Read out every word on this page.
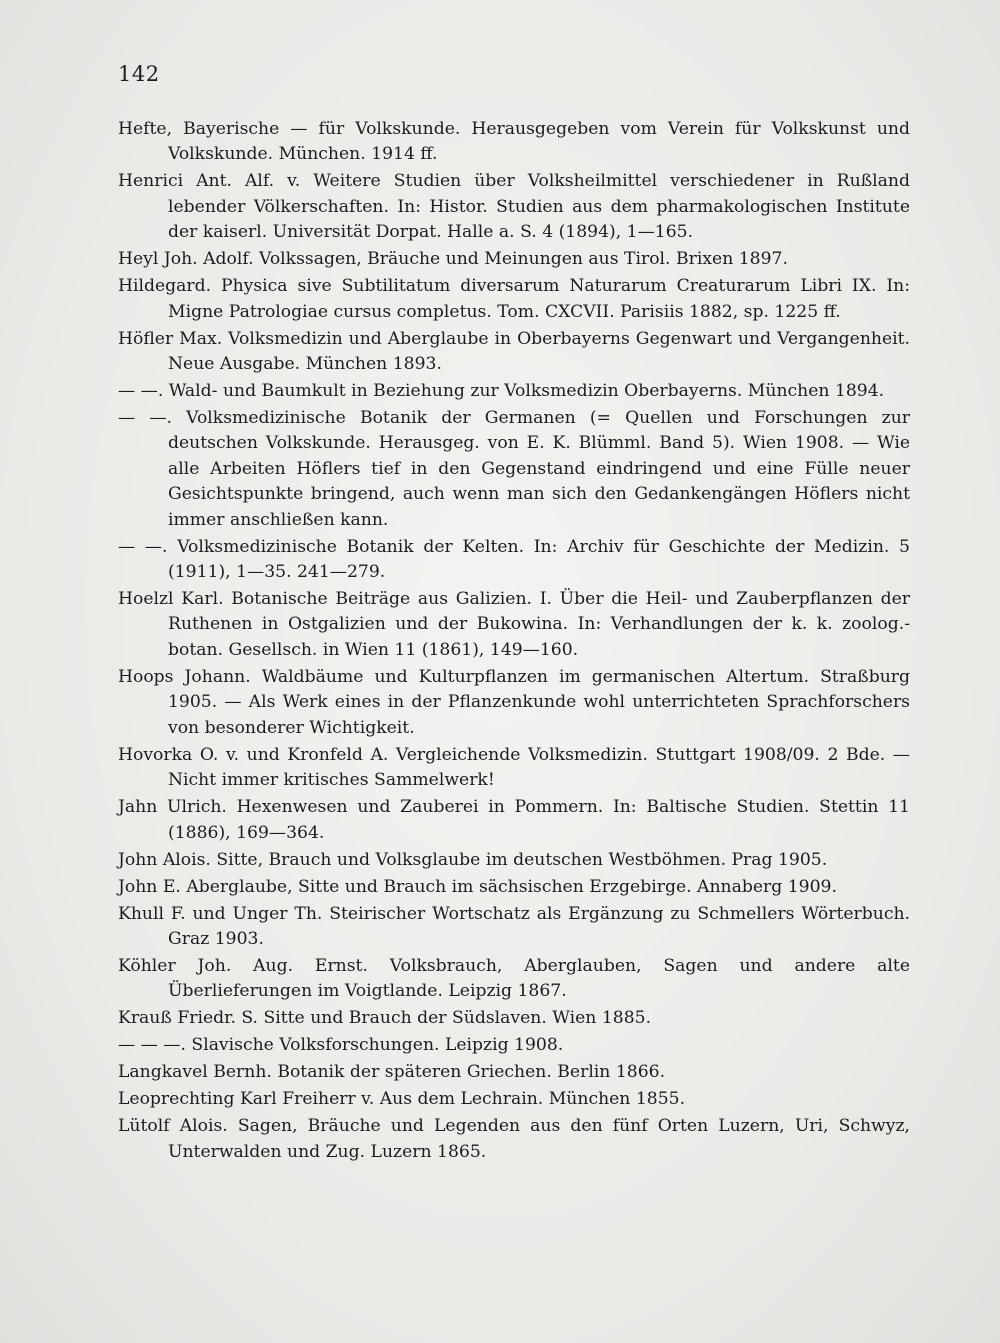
142

Hefte, Bayerische — für Volkskunde. Herausgegeben vom Verein für Volkskunst und Volkskunde. München. 1914 ff.

Henrici Ant. Alf. v. Weitere Studien über Volksheilmittel verschiedener in Rußland lebender Völkerschaften. In: Histor. Studien aus dem pharmakologischen Institute der kaiserl. Universität Dorpat. Halle a. S. 4 (1894), 1—165.

Heyl Joh. Adolf. Volkssagen, Bräuche und Meinungen aus Tirol. Brixen 1897.

Hildegard. Physica sive Subtilitatum diversarum Naturarum Creaturarum Libri IX. In: Migne Patrologiae cursus completus. Tom. CXCVII. Parisiis 1882, sp. 1225 ff.

Höfler Max. Volksmedizin und Aberglaube in Oberbayerns Gegenwart und Vergangenheit. Neue Ausgabe. München 1893.

— —. Wald- und Baumkult in Beziehung zur Volksmedizin Oberbayerns. München 1894.

— —. Volksmedizinische Botanik der Germanen (= Quellen und Forschungen zur deutschen Volkskunde. Herausgeg. von E. K. Blümml. Band 5). Wien 1908. — Wie alle Arbeiten Höflers tief in den Gegenstand eindringend und eine Fülle neuer Gesichtspunkte bringend, auch wenn man sich den Gedankengängen Höflers nicht immer anschließen kann.

— —. Volksmedizinische Botanik der Kelten. In: Archiv für Geschichte der Medizin. 5 (1911), 1—35. 241—279.

Hoelzl Karl. Botanische Beiträge aus Galizien. I. Über die Heil- und Zauberpflanzen der Ruthenen in Ostgalizien und der Bukowina. In: Verhandlungen der k. k. zoolog.-botan. Gesellsch. in Wien 11 (1861), 149—160.

Hoops Johann. Waldbäume und Kulturpflanzen im germanischen Altertum. Straßburg 1905. — Als Werk eines in der Pflanzenkunde wohl unterrichteten Sprachforschers von besonderer Wichtigkeit.

Hovorka O. v. und Kronfeld A. Vergleichende Volksmedizin. Stuttgart 1908/09. 2 Bde. — Nicht immer kritisches Sammelwerk!

Jahn Ulrich. Hexenwesen und Zauberei in Pommern. In: Baltische Studien. Stettin 11 (1886), 169—364.

John Alois. Sitte, Brauch und Volksglaube im deutschen Westböhmen. Prag 1905.

John E. Aberglaube, Sitte und Brauch im sächsischen Erzgebirge. Annaberg 1909.

Khull F. und Unger Th. Steirischer Wortschatz als Ergänzung zu Schmellers Wörterbuch. Graz 1903.

Köhler Joh. Aug. Ernst. Volksbrauch, Aberglauben, Sagen und andere alte Überlieferungen im Voigtlande. Leipzig 1867.

Krauß Friedr. S. Sitte und Brauch der Südslaven. Wien 1885.

— — —. Slavische Volksforschungen. Leipzig 1908.

Langkavel Bernh. Botanik der späteren Griechen. Berlin 1866.

Leoprechting Karl Freiherr v. Aus dem Lechrain. München 1855.

Lütolf Alois. Sagen, Bräuche und Legenden aus den fünf Orten Luzern, Uri, Schwyz, Unterwalden und Zug. Luzern 1865.
